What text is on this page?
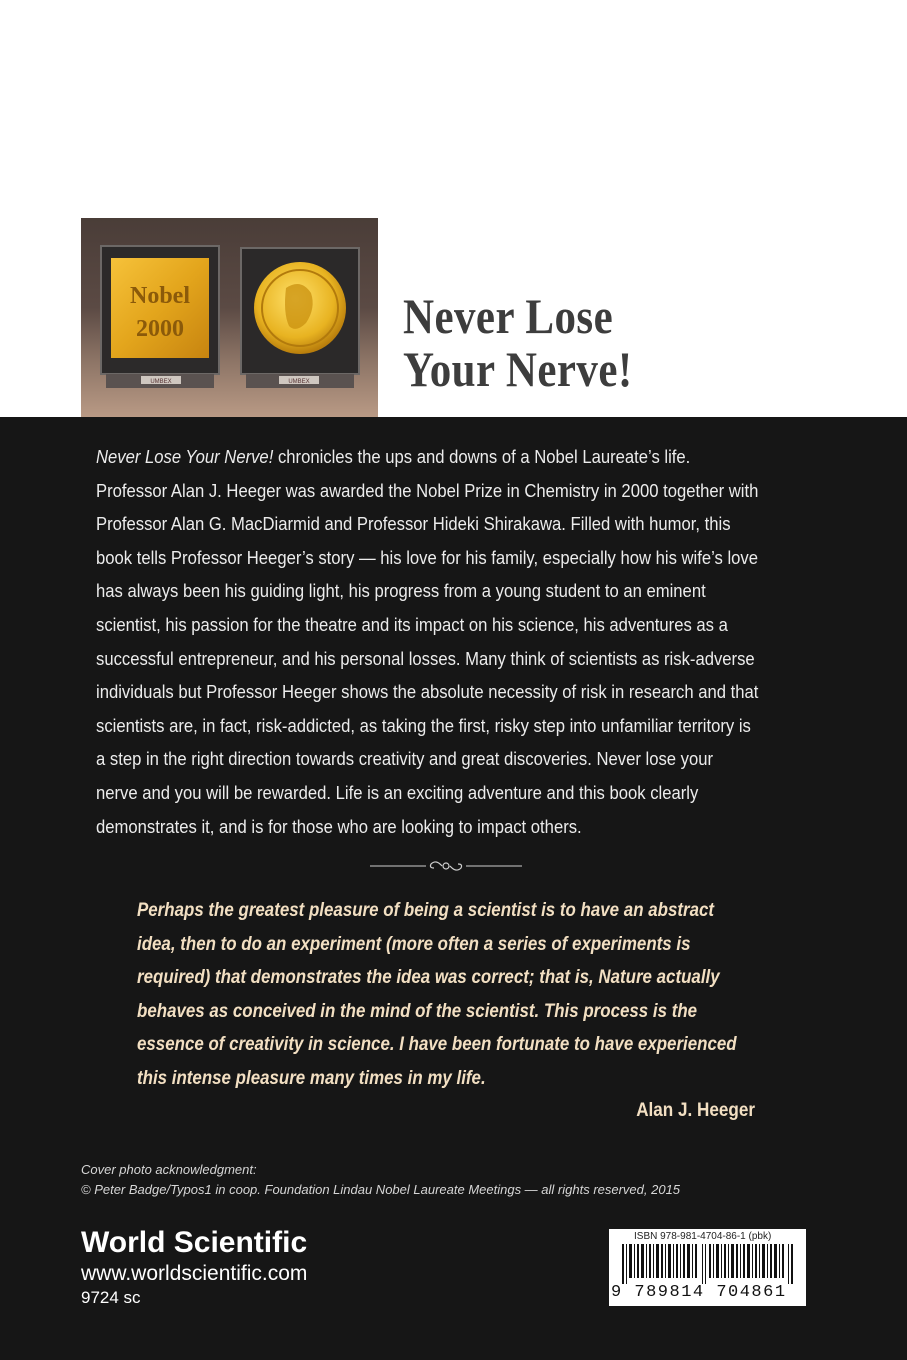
Nobel
2000
UMBEX	UMBEX
Never Lose
Your Nerve!

Never Lose Your Nerve! chronicles the ups and downs of a Nobel Laureate’s life. Professor Alan J. Heeger was awarded the Nobel Prize in Chemistry in 2000 together with Professor Alan G. MacDiarmid and Professor Hideki Shirakawa. Filled with humor, this book tells Professor Heeger’s story — his love for his family, especially how his wife’s love has always been his guiding light, his progress from a young student to an eminent scientist, his passion for the theatre and its impact on his science, his adventures as a successful entrepreneur, and his personal losses. Many think of scientists as risk-adverse individuals but Professor Heeger shows the absolute necessity of risk in research and that scientists are, in fact, risk-addicted, as taking the first, risky step into unfamiliar territory is a step in the right direction towards creativity and great discoveries. Never lose your nerve and you will be rewarded. Life is an exciting adventure and this book clearly demonstrates it, and is for those who are looking to impact others.

Perhaps the greatest pleasure of being a scientist is to have an abstract idea, then to do an experiment (more often a series of experiments is required) that demonstrates the idea was correct; that is, Nature actually behaves as conceived in the mind of the scientist. This process is the essence of creativity in science. I have been fortunate to have experienced this intense pleasure many times in my life.

Alan J. Heeger
Cover photo acknowledgment:
© Peter Badge/Typos1 in coop. Foundation Lindau Nobel Laureate Meetings — all rights reserved, 2015
World Scientific
www.worldscientific.com
9724 sc
ISBN 978-981-4704-86-1 (pbk)
9 789814 704861
